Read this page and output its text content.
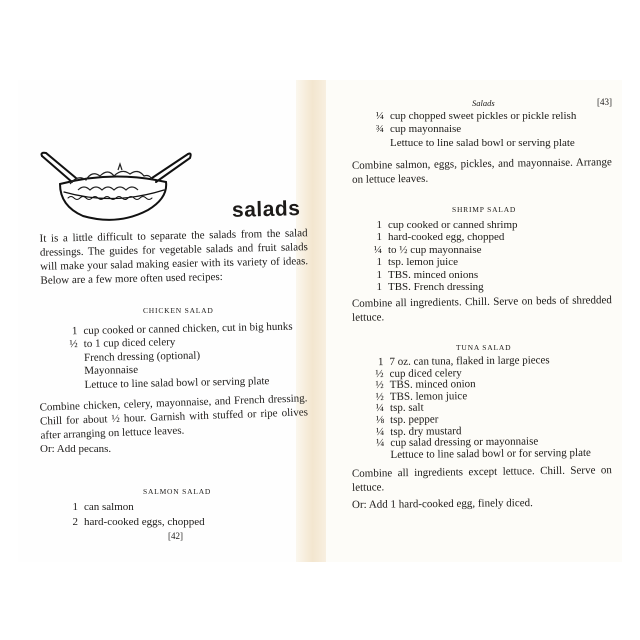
salads
It is a little difficult to separate the salads from the salad dressings. The guides for vegetable salads and fruit salads will make your salad making easier with its variety of ideas. Below are a few more often used recipes:
CHICKEN SALAD
1 cup cooked or canned chicken, cut in big hunks
½ to 1 cup diced celery
French dressing (optional)
Mayonnaise
Lettuce to line salad bowl or serving plate
Combine chicken, celery, mayonnaise, and French dressing. Chill for about ½ hour. Garnish with stuffed or ripe olives after arranging on lettuce leaves.
Or: Add pecans.
SALMON SALAD
1 can salmon
2 hard-cooked eggs, chopped
[42]
Salads	[43]
¼ cup chopped sweet pickles or pickle relish
¾ cup mayonnaise
Lettuce to line salad bowl or serving plate
Combine salmon, eggs, pickles, and mayonnaise. Arrange on lettuce leaves.
SHRIMP SALAD
1 cup cooked or canned shrimp
1 hard-cooked egg, chopped
¼ to ½ cup mayonnaise
1 tsp. lemon juice
1 TBS. minced onions
1 TBS. French dressing
Combine all ingredients. Chill. Serve on beds of shredded lettuce.
TUNA SALAD
1 7 oz. can tuna, flaked in large pieces
½ cup diced celery
½ TBS. minced onion
½ TBS. lemon juice
¼ tsp. salt
⅛ tsp. pepper
¼ tsp. dry mustard
¼ cup salad dressing or mayonnaise
Lettuce to line salad bowl or for serving plate
Combine all ingredients except lettuce. Chill. Serve on lettuce.
Or: Add 1 hard-cooked egg, finely diced.
